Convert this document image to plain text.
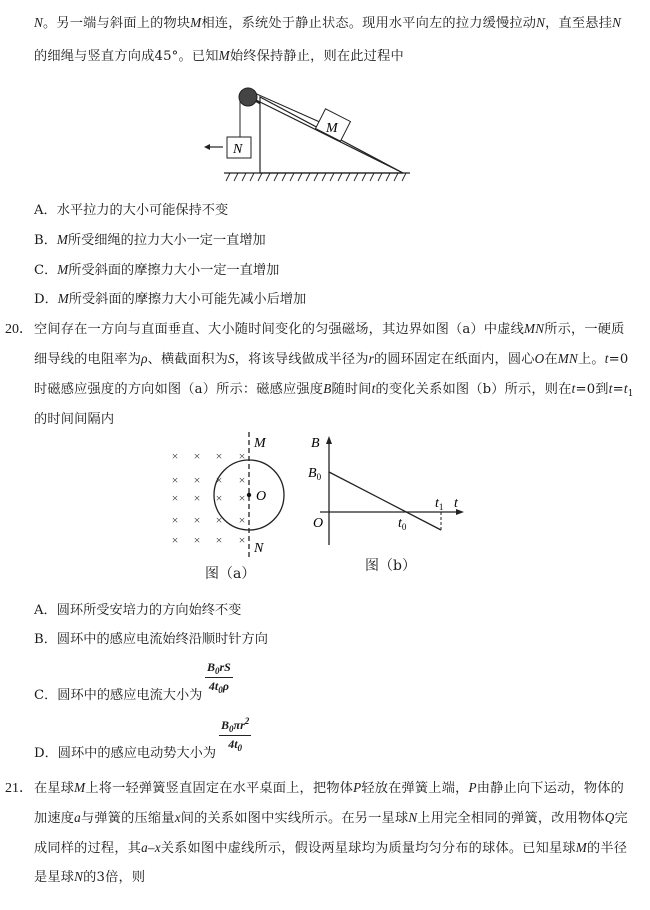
N。另一端与斜面上的物块M相连，系统处于静止状态。现用水平向左的拉力缓慢拉动N，直至悬挂N
的细绳与竖直方向成45°。已知M始终保持静止，则在此过程中
M
N
A．水平拉力的大小可能保持不变
B．M所受细绳的拉力大小一定一直增加
C．M所受斜面的摩擦力大小一定一直增加
D．M所受斜面的摩擦力大小可能先减小后增加
20． 空间存在一方向与直面垂直、大小随时间变化的匀强磁场，其边界如图（a）中虚线MN所示，一硬质
细导线的电阻率为ρ、横截面积为S，将该导线做成半径为r的圆环固定在纸面内，圆心O在MN上。t=0
时磁感应强度的方向如图（a）所示：磁感应强度B随时间t的变化关系如图（b）所示，则在t=0到$t=t_1$
的时间间隔内
× × × ×
× × × ×
× × × ×
× × × ×
× × × ×
M
O
N
图（a）
B
t
O
$B_0$
$t_0$
$t_1$
图（b）
A．圆环所受安培力的方向始终不变
B．圆环中的感应电流始终沿顺时针方向
C．圆环中的感应电流大小为
$\frac{B_0rS}{4t_0\rho}$
D．圆环中的感应电动势大小为
$\frac{B_0\pi r^2}{4t_0}$
21． 在星球M上将一轻弹簧竖直固定在水平桌面上，把物体P轻放在弹簧上端，P由静止向下运动，物体的
加速度a与弹簧的压缩量x间的关系如图中实线所示。在另一星球N上用完全相同的弹簧，改用物体Q完
成同样的过程，其a–x关系如图中虚线所示，假设两星球均为质量均匀分布的球体。已知星球M的半径
是星球N的3倍，则
